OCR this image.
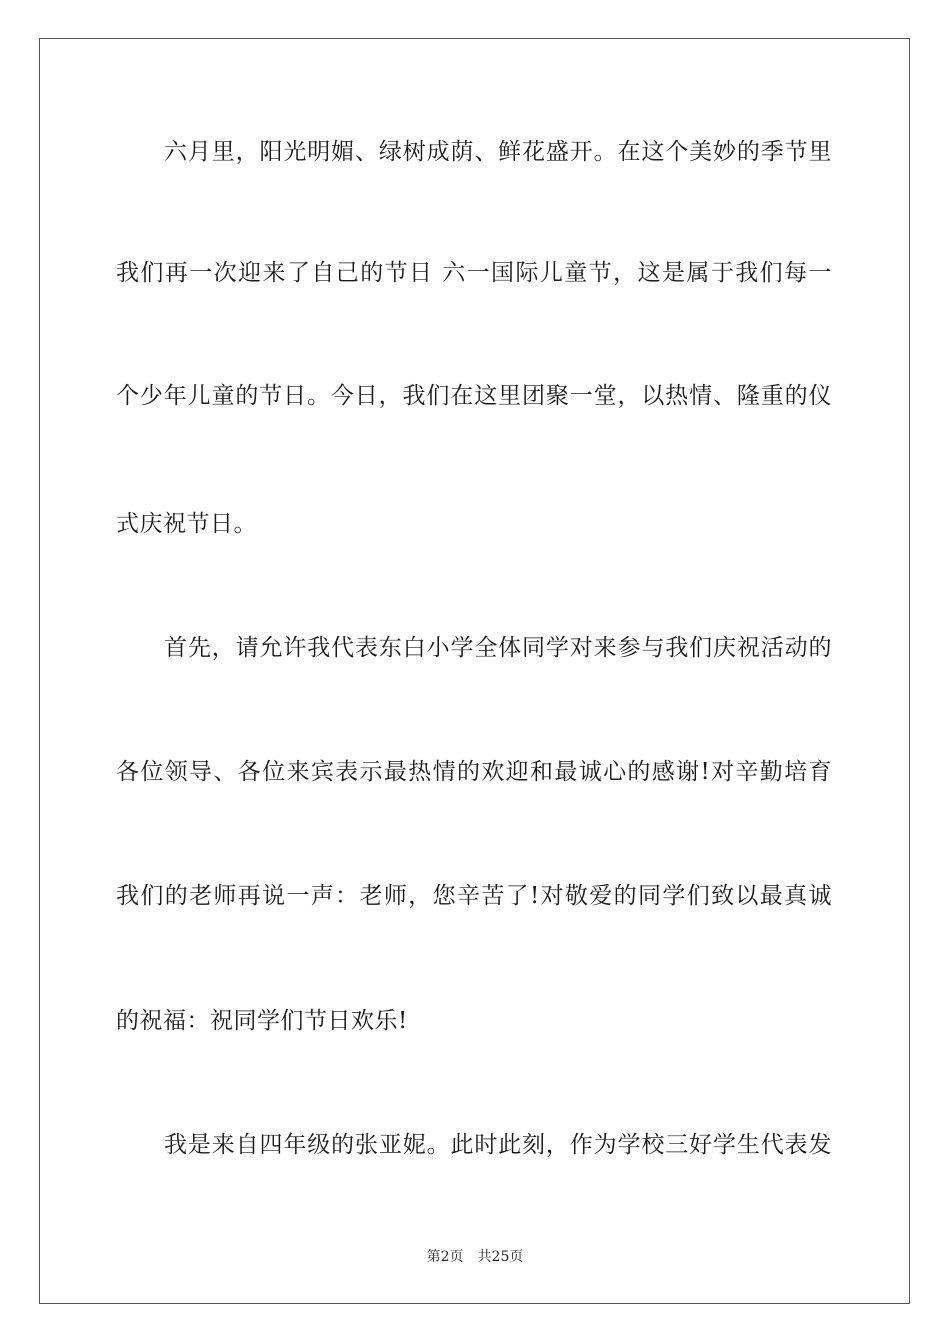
六月里，阳光明媚、绿树成荫、鲜花盛开。在这个美妙的季节里
我们再一次迎来了自己的节日 六一国际儿童节，这是属于我们每一
个少年儿童的节日。今日，我们在这里团聚一堂，以热情、隆重的仪
式庆祝节日。
首先，请允许我代表东白小学全体同学对来参与我们庆祝活动的
各位领导、各位来宾表示最热情的欢迎和最诚心的感谢!对辛勤培育
我们的老师再说一声：老师，您辛苦了!对敬爱的同学们致以最真诚
的祝福：祝同学们节日欢乐!
我是来自四年级的张亚妮。此时此刻，作为学校三好学生代表发
第2页 共25页
